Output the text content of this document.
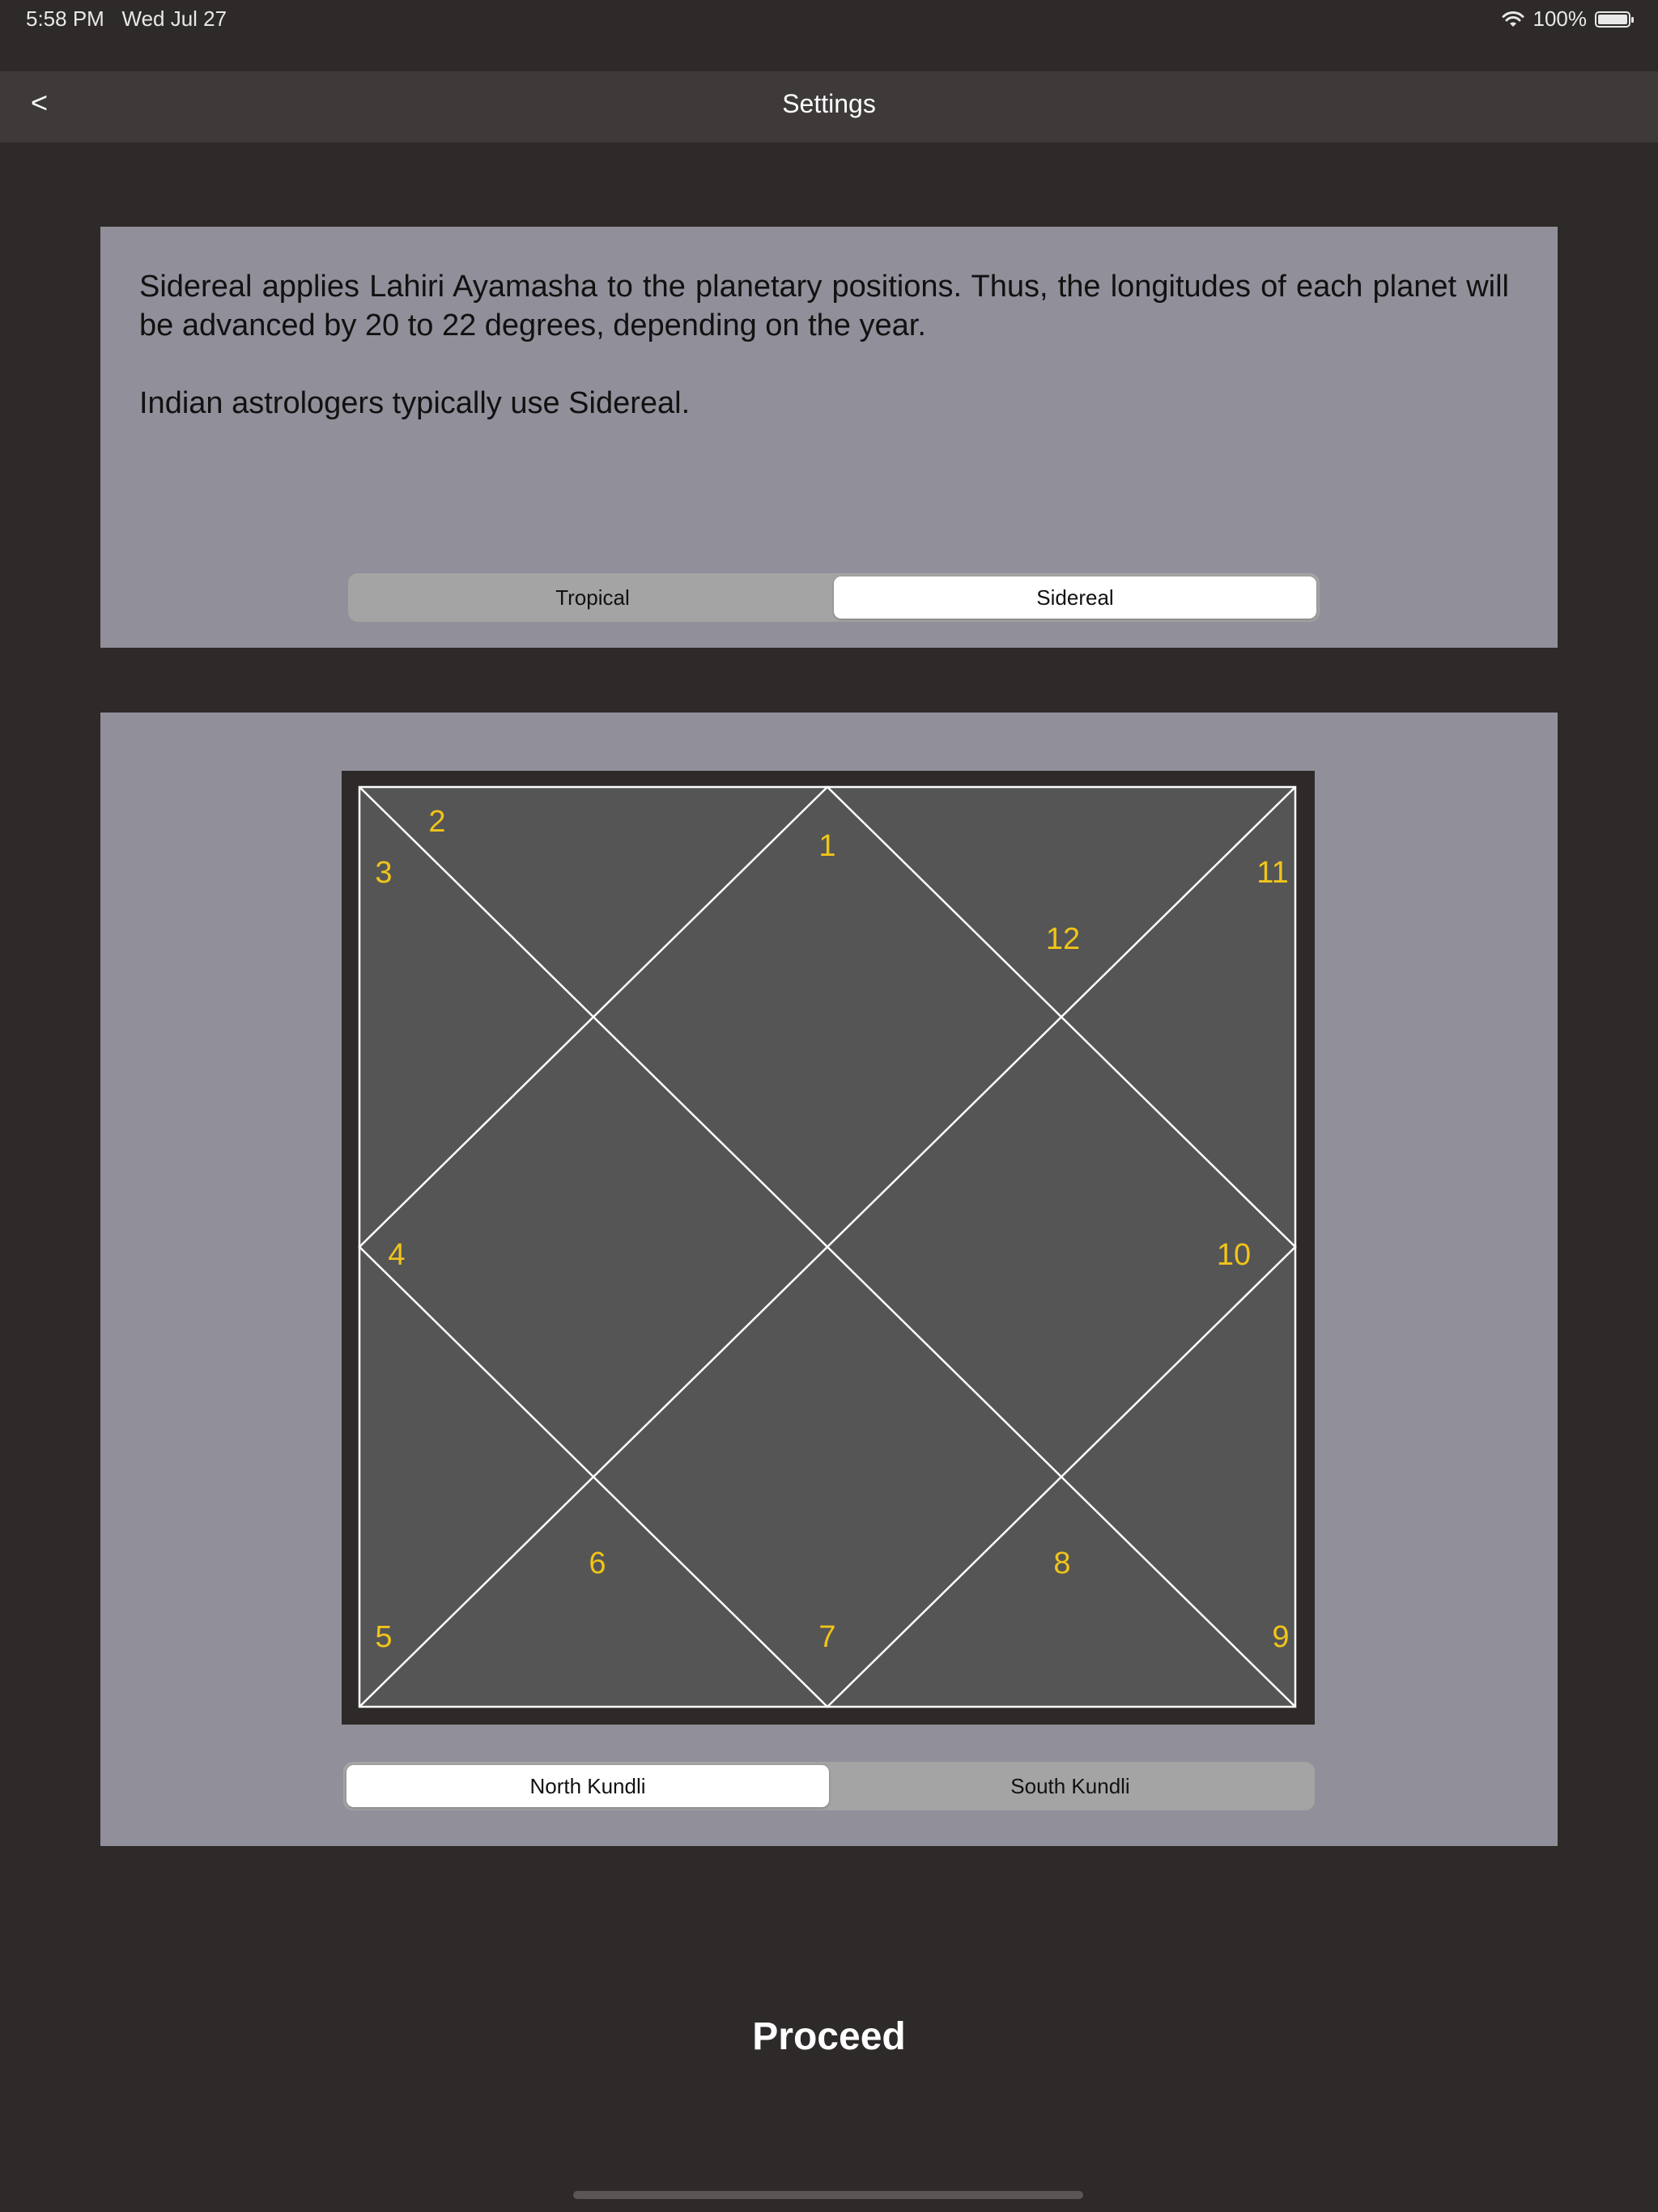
5:58 PM Wed Jul 27	100%
<	Settings

Sidereal applies Lahiri Ayamasha to the planetary positions. Thus, the longitudes of each planet will be advanced by 20 to 22 degrees, depending on the year.

Indian astrologers typically use Sidereal.

Tropical	Sidereal
1
2
3
4
5
6
7
8
9
10
11
12
North Kundli	South Kundli
Proceed
